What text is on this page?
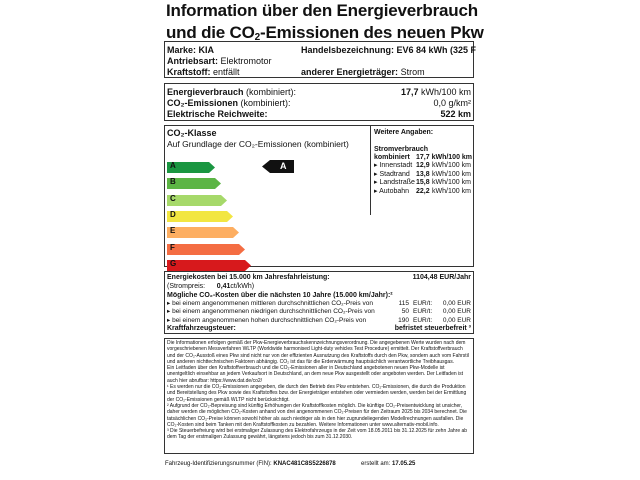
Information über den Energieverbrauch
und die CO2-Emissionen des neuen Pkw
Marke: KIA	Handelsbezeichnung: EV6 84 kWh (325 F
Antriebsart: Elektromotor
Kraftstoff: entfällt	anderer Energieträger: Strom
Energieverbrauch (kombiniert):	17,7 kWh/100 km
CO₂-Emissionen (kombiniert):	0,0 g/km²
Elektrische Reichweite:	522 km
CO₂-Klasse
Auf Grundlage der CO₂-Emissionen (kombiniert)
A
B
C
D
E
F
G
A
Weitere Angaben:
Stromverbrauch
kombiniert 17,7 kWh/100 km
▸ Innenstadt 12,9 kWh/100 km
▸ Stadtrand 13,8 kWh/100 km
▸ Landstraße 15,8 kWh/100 km
▸ Autobahn 22,2 kWh/100 km
Energiekosten bei 15.000 km Jahresfahrleistung:	1104,48 EUR/Jahr
(Strompreis: 0,41ct/kWh)
Mögliche CO₂-Kosten über die nächsten 10 Jahre (15.000 km/Jahr):²
▸ bei einem angenommenen mittleren durchschnittlichen CO₂-Preis von	115 EUR/t: 0,00 EUR
▸ bei einem angenommenen niedrigen durchschnittlichen CO₂-Preis von	50 EUR/t: 0,00 EUR
▸ bei einem angenommenen hohen durchschnittlichen CO₂-Preis von	190 EUR/t: 0,00 EUR
Kraftfahrzeugsteuer:	befristet steuerbefreit ³
Die Informationen erfolgen gemäß der Pkw-Energieverbrauchskennzeichnungsverordnung. Die angegebenen Werte wurden nach dem vorgeschriebenen Messverfahren WLTP (Worldwide harmonised Light-duty vehicles Test Procedure) ermittelt. Der Kraftstoffverbrauch und der CO₂-Ausstoß eines Pkw sind nicht nur von der effizienten Ausnutzung des Kraftstoffs durch den Pkw, sondern auch vom Fahrstil und anderen nichttechnischen Faktoren abhängig. CO₂ ist das für die Erderwärmung hauptsächlich verantwortliche Treibhausgas.
Ein Leitfaden über den Kraftstoffverbrauch und die CO₂-Emissionen aller in Deutschland angebotenen neuen Pkw-Modelle ist unentgeltlich einsehbar an jedem Verkaufsort in Deutschland, an dem neue Pkw ausgestellt oder angeboten werden. Der Leitfaden ist auch hier abrufbar: https://www.dat.de/co2/
¹ Es werden nur die CO₂-Emissionen angegeben, die durch den Betrieb des Pkw entstehen. CO₂-Emissionen, die durch die Produktion und Bereitstellung des Pkw sowie des Kraftstoffes bzw. der Energieträger entstehen oder vermieden werden, werden bei der Ermittlung der CO₂-Emissionen gemäß WLTP nicht berücksichtigt.
² Aufgrund der CO₂-Bepreisung sind künftig Erhöhungen der Kraftstoffkosten möglich. Die künftige CO₂-Preisentwicklung ist unsicher, daher werden die möglichen CO₂-Kosten anhand von drei angenommenen CO₂-Preisen für den Zeitraum 2025 bis 2034 berechnet. Die tatsächlichen CO₂-Preise können sowohl höher als auch niedriger als in den hier zugrundeliegenden Modellrechnungen ausfallen. Die CO₂-Kosten sind beim Tanken mit den Kraftstoffkosten zu bezahlen. Weitere Informationen unter www.alternativ-mobil.info.
³ Die Steuerbefreiung wird bei erstmaliger Zulassung des Elektrofahrzeugs in der Zeit vom 18.05.2011 bis 31.12.2025 für zehn Jahre ab dem Tag der erstmaligen Zulassung gewährt, längstens jedoch bis zum 31.12.2030.
Fahrzeug-Identifizierungsnummer (FIN): KNAC481C8S5226878	erstellt am: 17.05.25
